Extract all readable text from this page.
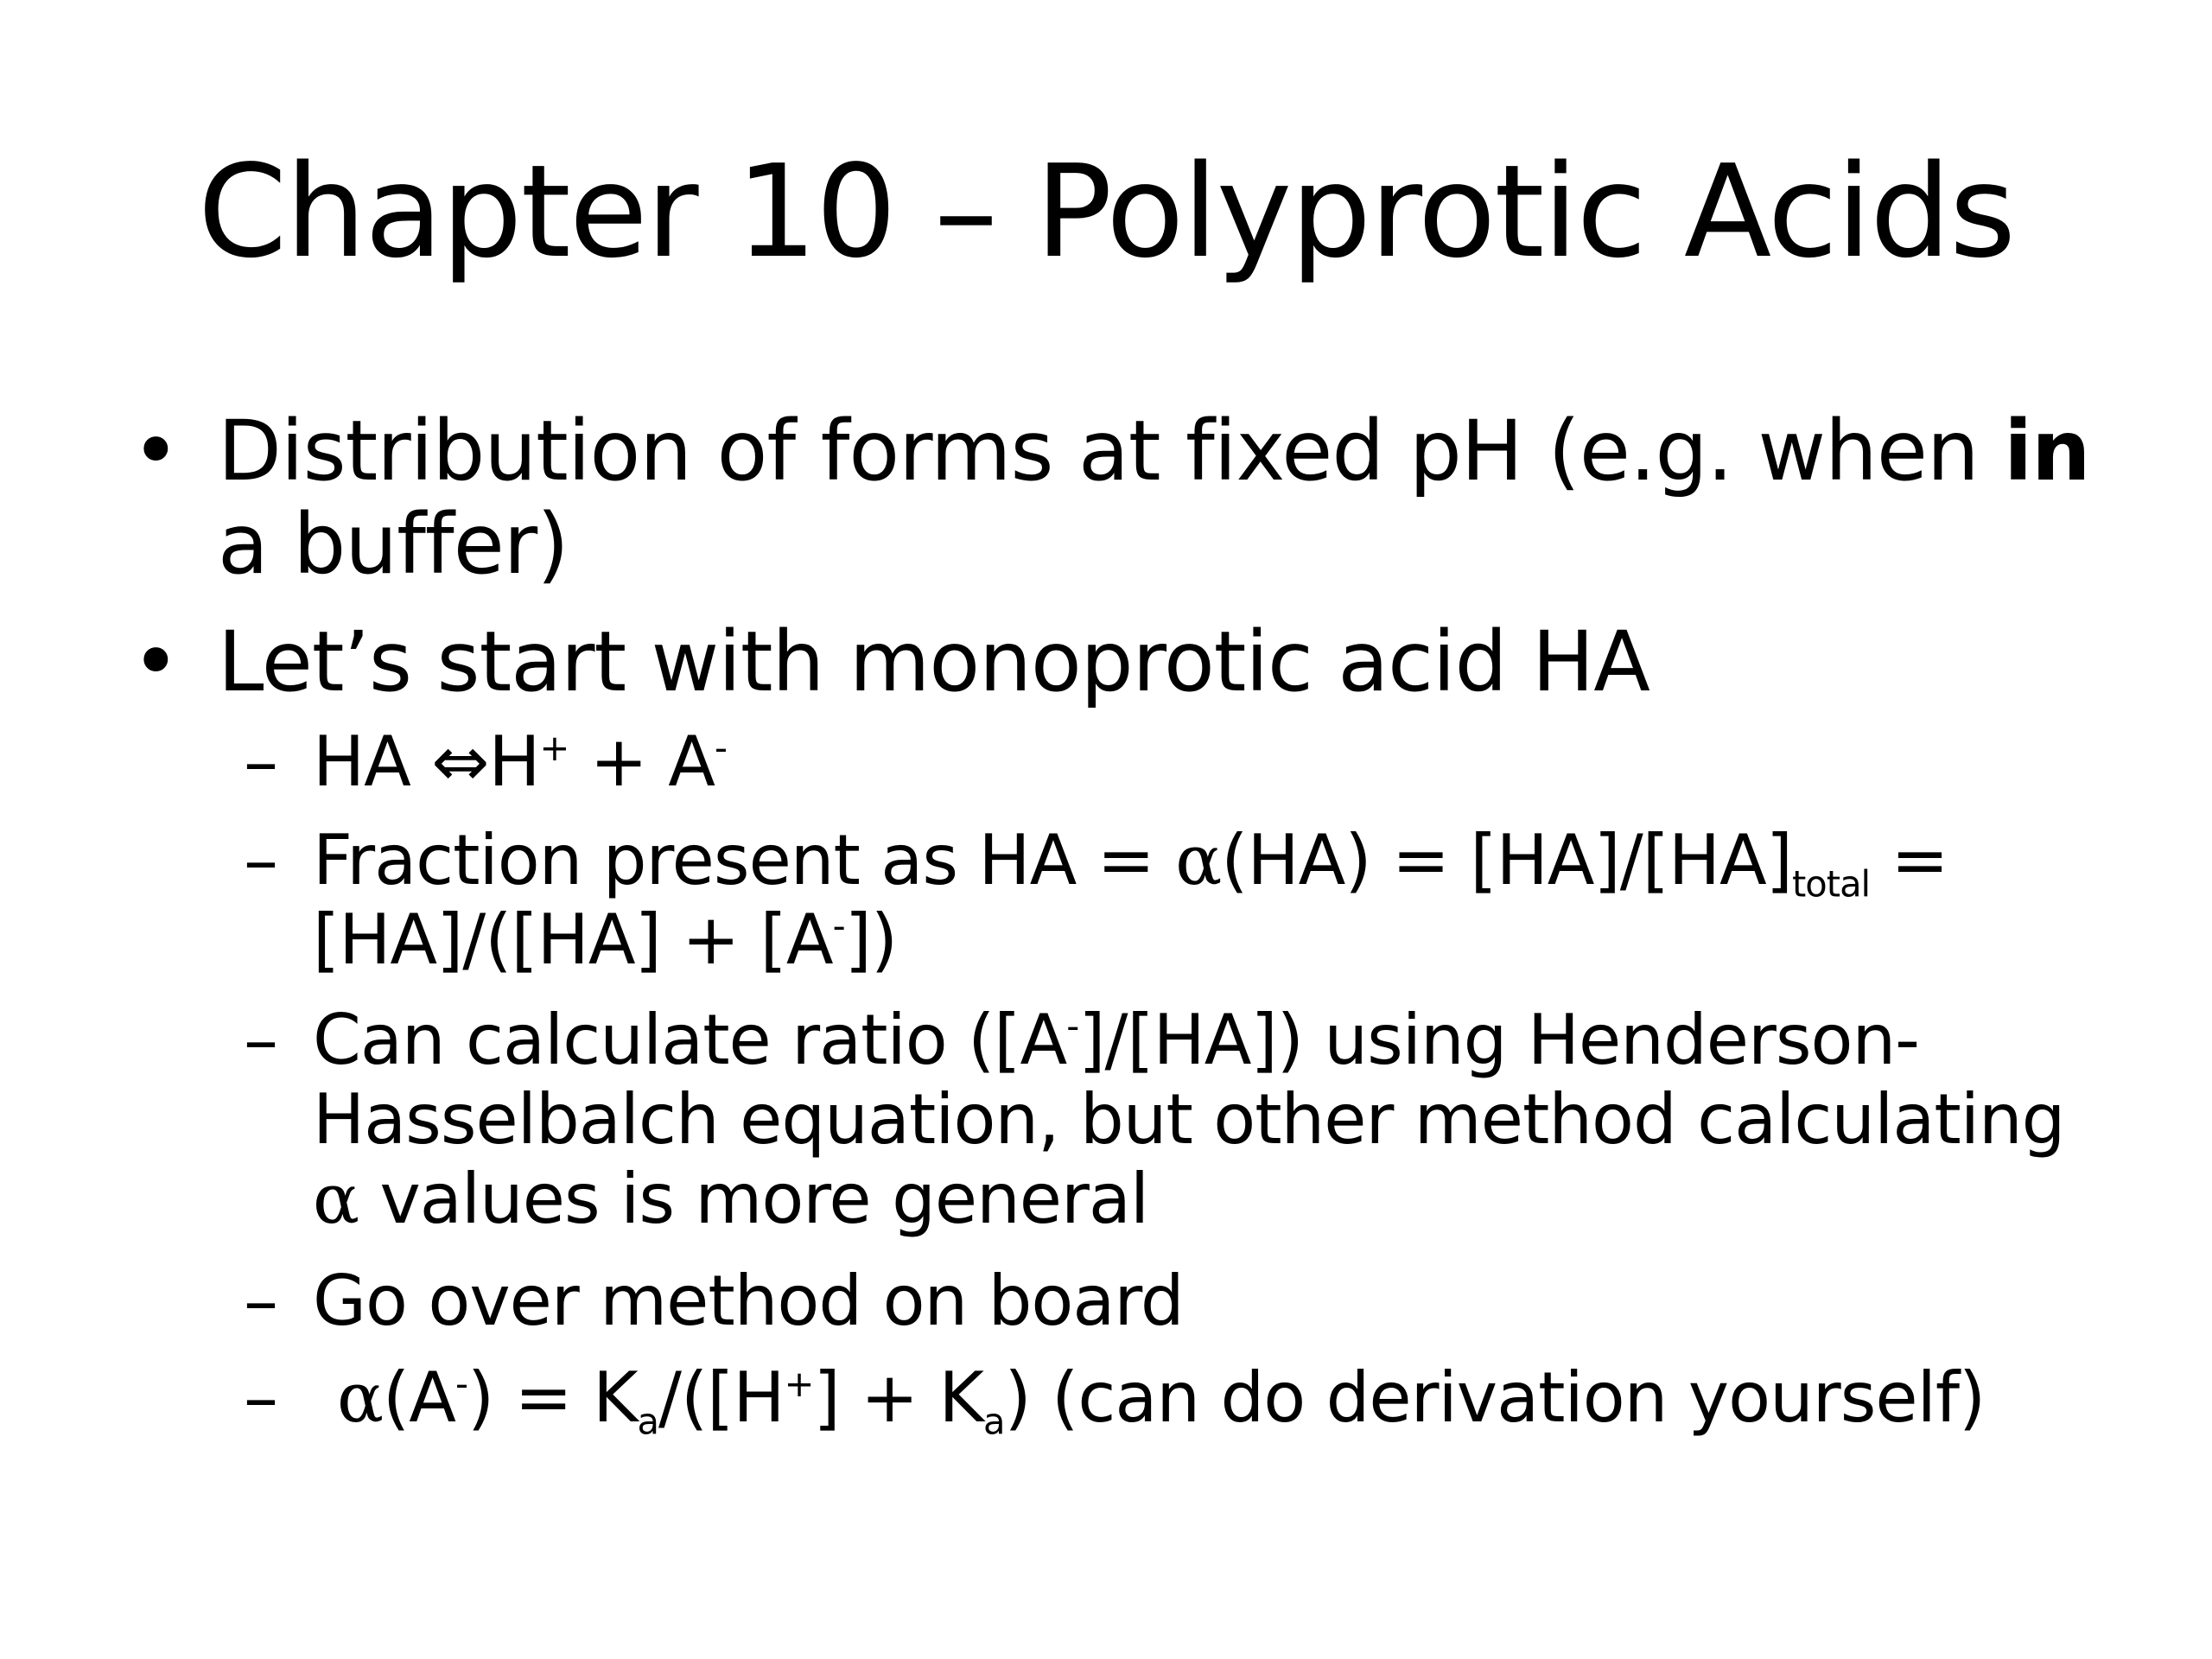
Chapter 10 – Polyprotic Acids
• Distribution of forms at fixed pH (e.g. when in a buffer)
• Let’s start with monoprotic acid HA
– HA ⇔H+ + A-
– Fraction present as HA = $\alpha(HA) = [HA]/[HA]_{total} = [HA]/([HA] + [A^-])$
– Can calculate ratio ([A-]/[HA]) using Henderson-Hasselbalch equation, but other method calculating α values is more general
– Go over method on board
– $\alpha(A^-) = K_a/([H^+] + K_a)$ (can do derivation yourself)
